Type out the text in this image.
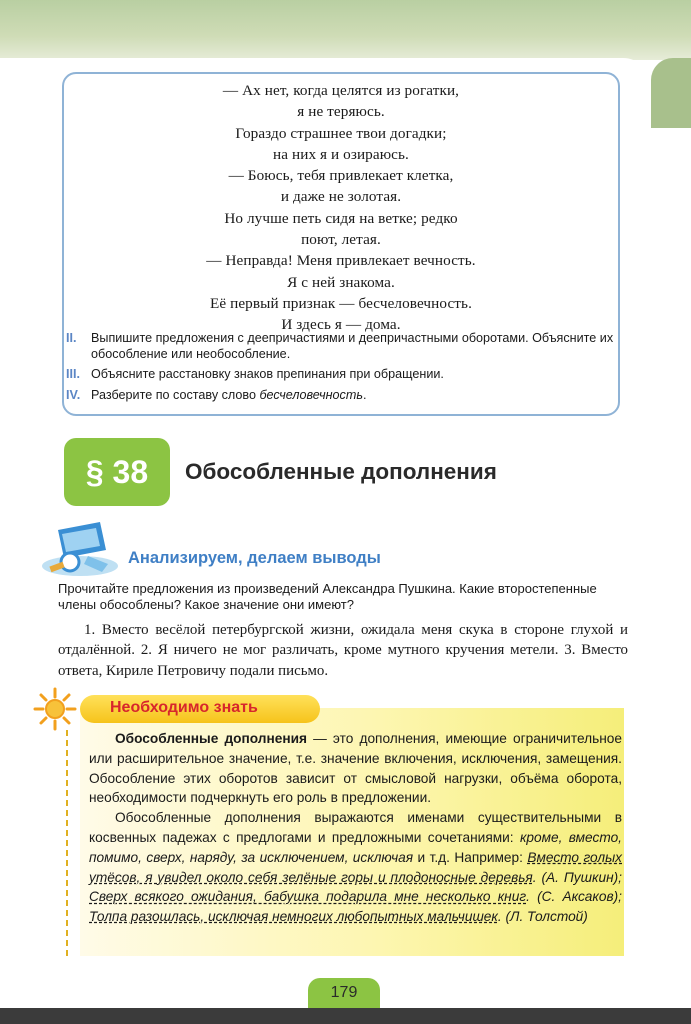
— Ах нет, когда целятся из рогатки,
я не теряюсь.
Гораздо страшнее твои догадки;
на них я и озираюсь.
— Боюсь, тебя привлекает клетка,
и даже не золотая.
Но лучше петь сидя на ветке; редко
поют, летая.
— Неправда! Меня привлекает вечность.
Я с ней знакома.
Её первый признак — бесчеловечность.
И здесь я — дома.
II. Выпишите предложения с деепричастиями и деепричастными оборотами. Объясните их обособление или необособление.
III. Объясните расстановку знаков препинания при обращении.
IV. Разберите по составу слово бесчеловечность.
§ 38	Обособленные дополнения
Анализируем, делаем выводы
Прочитайте предложения из произведений Александра Пушкина. Какие второстепенные члены обособлены? Какое значение они имеют?
1. Вместо весёлой петербургской жизни, ожидала меня скука в стороне глухой и отдалённой. 2. Я ничего не мог различать, кроме мутного кручения метели. 3. Вместо ответа, Кириле Петровичу подали письмо.
Необходимо знать

Обособленные дополнения — это дополнения, имеющие ограничительное или расширительное значение, т.е. значение включения, исключения, замещения. Обособление этих оборотов зависит от смысловой нагрузки, объёма оборота, необходимости подчеркнуть его роль в предложении.

Обособленные дополнения выражаются именами существительными в косвенных падежах с предлогами и предложными сочетаниями: кроме, вместо, помимо, сверх, наряду, за исключением, исключая и т.д. Например: Вместо голых утёсов, я увидел около себя зелёные горы и плодоносные деревья. (А. Пушкин); Сверх всякого ожидания, бабушка подарила мне несколько книг. (С. Аксаков); Толпа разошлась, исключая немногих любопытных мальчишек. (Л. Толстой)

179
